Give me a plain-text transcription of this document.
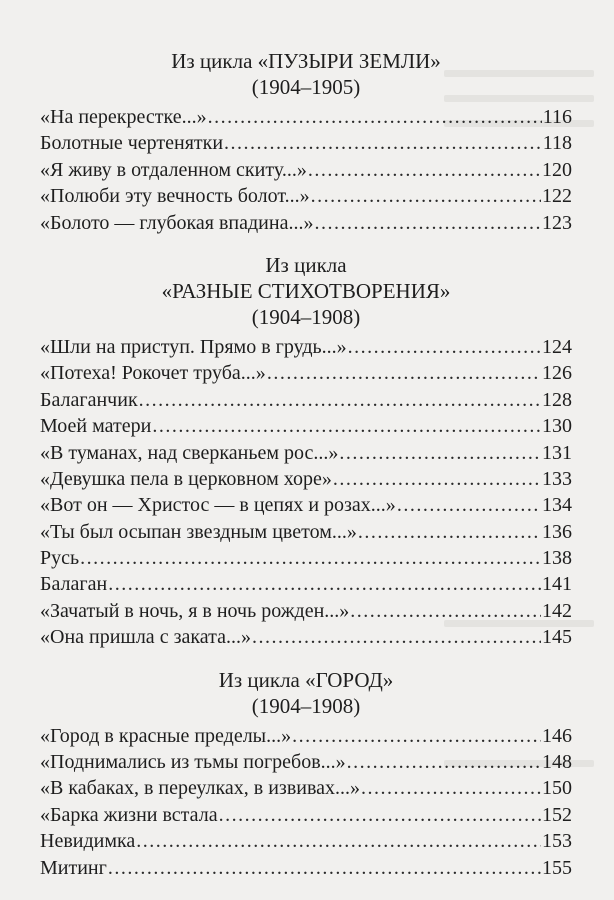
Из цикла «ПУЗЫРИ ЗЕМЛИ»
(1904–1905)
«На перекрестке...» .....	116
Болотные чертенятки .....	118
«Я живу в отдаленном скиту...» .....	120
«Полюби эту вечность болот...» .....	122
«Болото — глубокая впадина...» .....	123
Из цикла
«РАЗНЫЕ СТИХОТВОРЕНИЯ»
(1904–1908)
«Шли на приступ. Прямо в грудь...» .....	124
«Потеха! Рокочет труба...» .....	126
Балаганчик .....	128
Моей матери .....	130
«В туманах, над сверканьем рос...» .....	131
«Девушка пела в церковном хоре» .....	133
«Вот он — Христос — в цепях и розах...» .....	134
«Ты был осыпан звездным цветом...» .....	136
Русь .....	138
Балаган .....	141
«Зачатый в ночь, я в ночь рожден...» .....	142
«Она пришла с заката...» .....	145
Из цикла «ГОРОД»
(1904–1908)
«Город в красные пределы...» .....	146
«Поднимались из тьмы погребов...» .....	148
«В кабаках, в переулках, в извивах...» .....	150
«Барка жизни встала .....	152
Невидимка .....	153
Митинг .....	155
